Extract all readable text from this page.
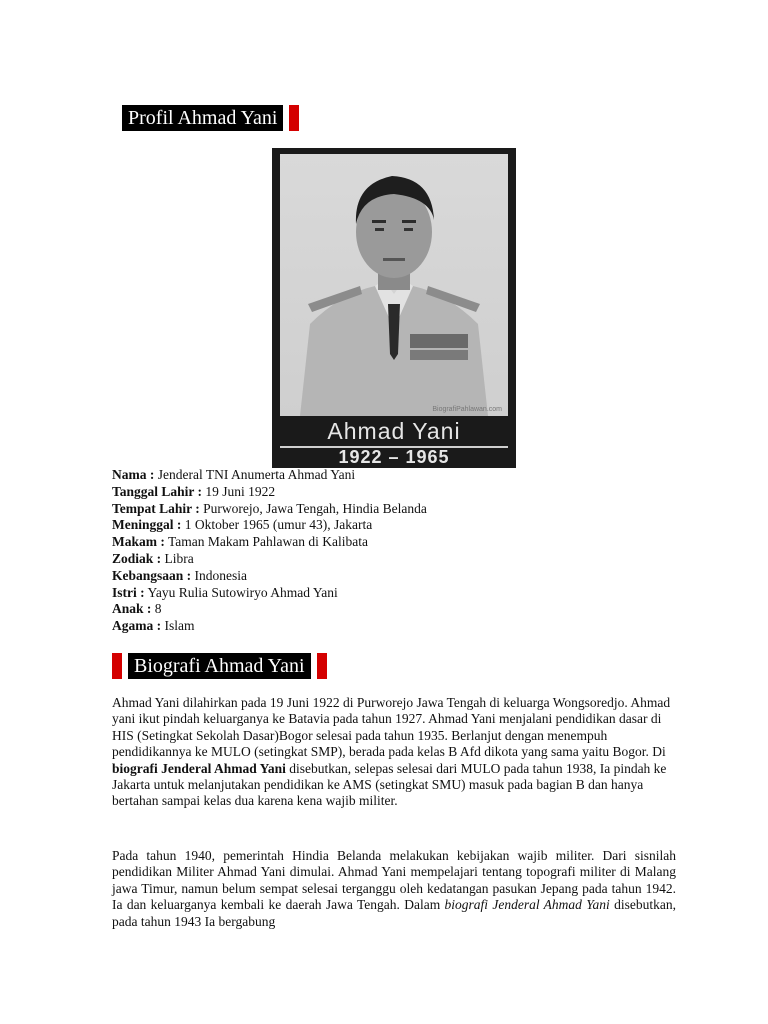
Profil Ahmad Yani
BiografiPahlawan.com
Ahmad Yani
1922 – 1965
Nama : Jenderal TNI Anumerta Ahmad Yani
Tanggal Lahir : 19 Juni 1922
Tempat Lahir : Purworejo, Jawa Tengah, Hindia Belanda
Meninggal : 1 Oktober 1965 (umur 43), Jakarta
Makam : Taman Makam Pahlawan di Kalibata
Zodiak : Libra
Kebangsaan : Indonesia
Istri : Yayu Rulia Sutowiryo Ahmad Yani
Anak : 8
Agama : Islam
Biografi Ahmad Yani
Ahmad Yani dilahirkan pada 19 Juni 1922 di Purworejo Jawa Tengah di keluarga Wongsoredjo. Ahmad yani ikut pindah keluarganya ke Batavia pada tahun 1927. Ahmad Yani menjalani pendidikan dasar di HIS (Setingkat Sekolah Dasar)Bogor selesai pada tahun 1935. Berlanjut dengan menempuh pendidikannya ke MULO (setingkat SMP), berada pada kelas B Afd dikota yang sama yaitu Bogor. Di biografi Jenderal Ahmad Yani disebutkan, selepas selesai dari MULO pada tahun 1938, Ia pindah ke Jakarta untuk melanjutakan pendidikan ke AMS (setingkat SMU) masuk pada bagian B dan hanya bertahan sampai kelas dua karena kena wajib militer.
Pada tahun 1940, pemerintah Hindia Belanda melakukan kebijakan wajib militer. Dari sisnilah pendidikan Militer Ahmad Yani dimulai. Ahmad Yani mempelajari tentang topografi militer di Malang jawa Timur, namun belum sempat selesai terganggu oleh kedatangan pasukan Jepang pada tahun 1942. Ia dan keluarganya kembali ke daerah Jawa Tengah. Dalam biografi Jenderal Ahmad Yani disebutkan, pada tahun 1943 Ia bergabung
